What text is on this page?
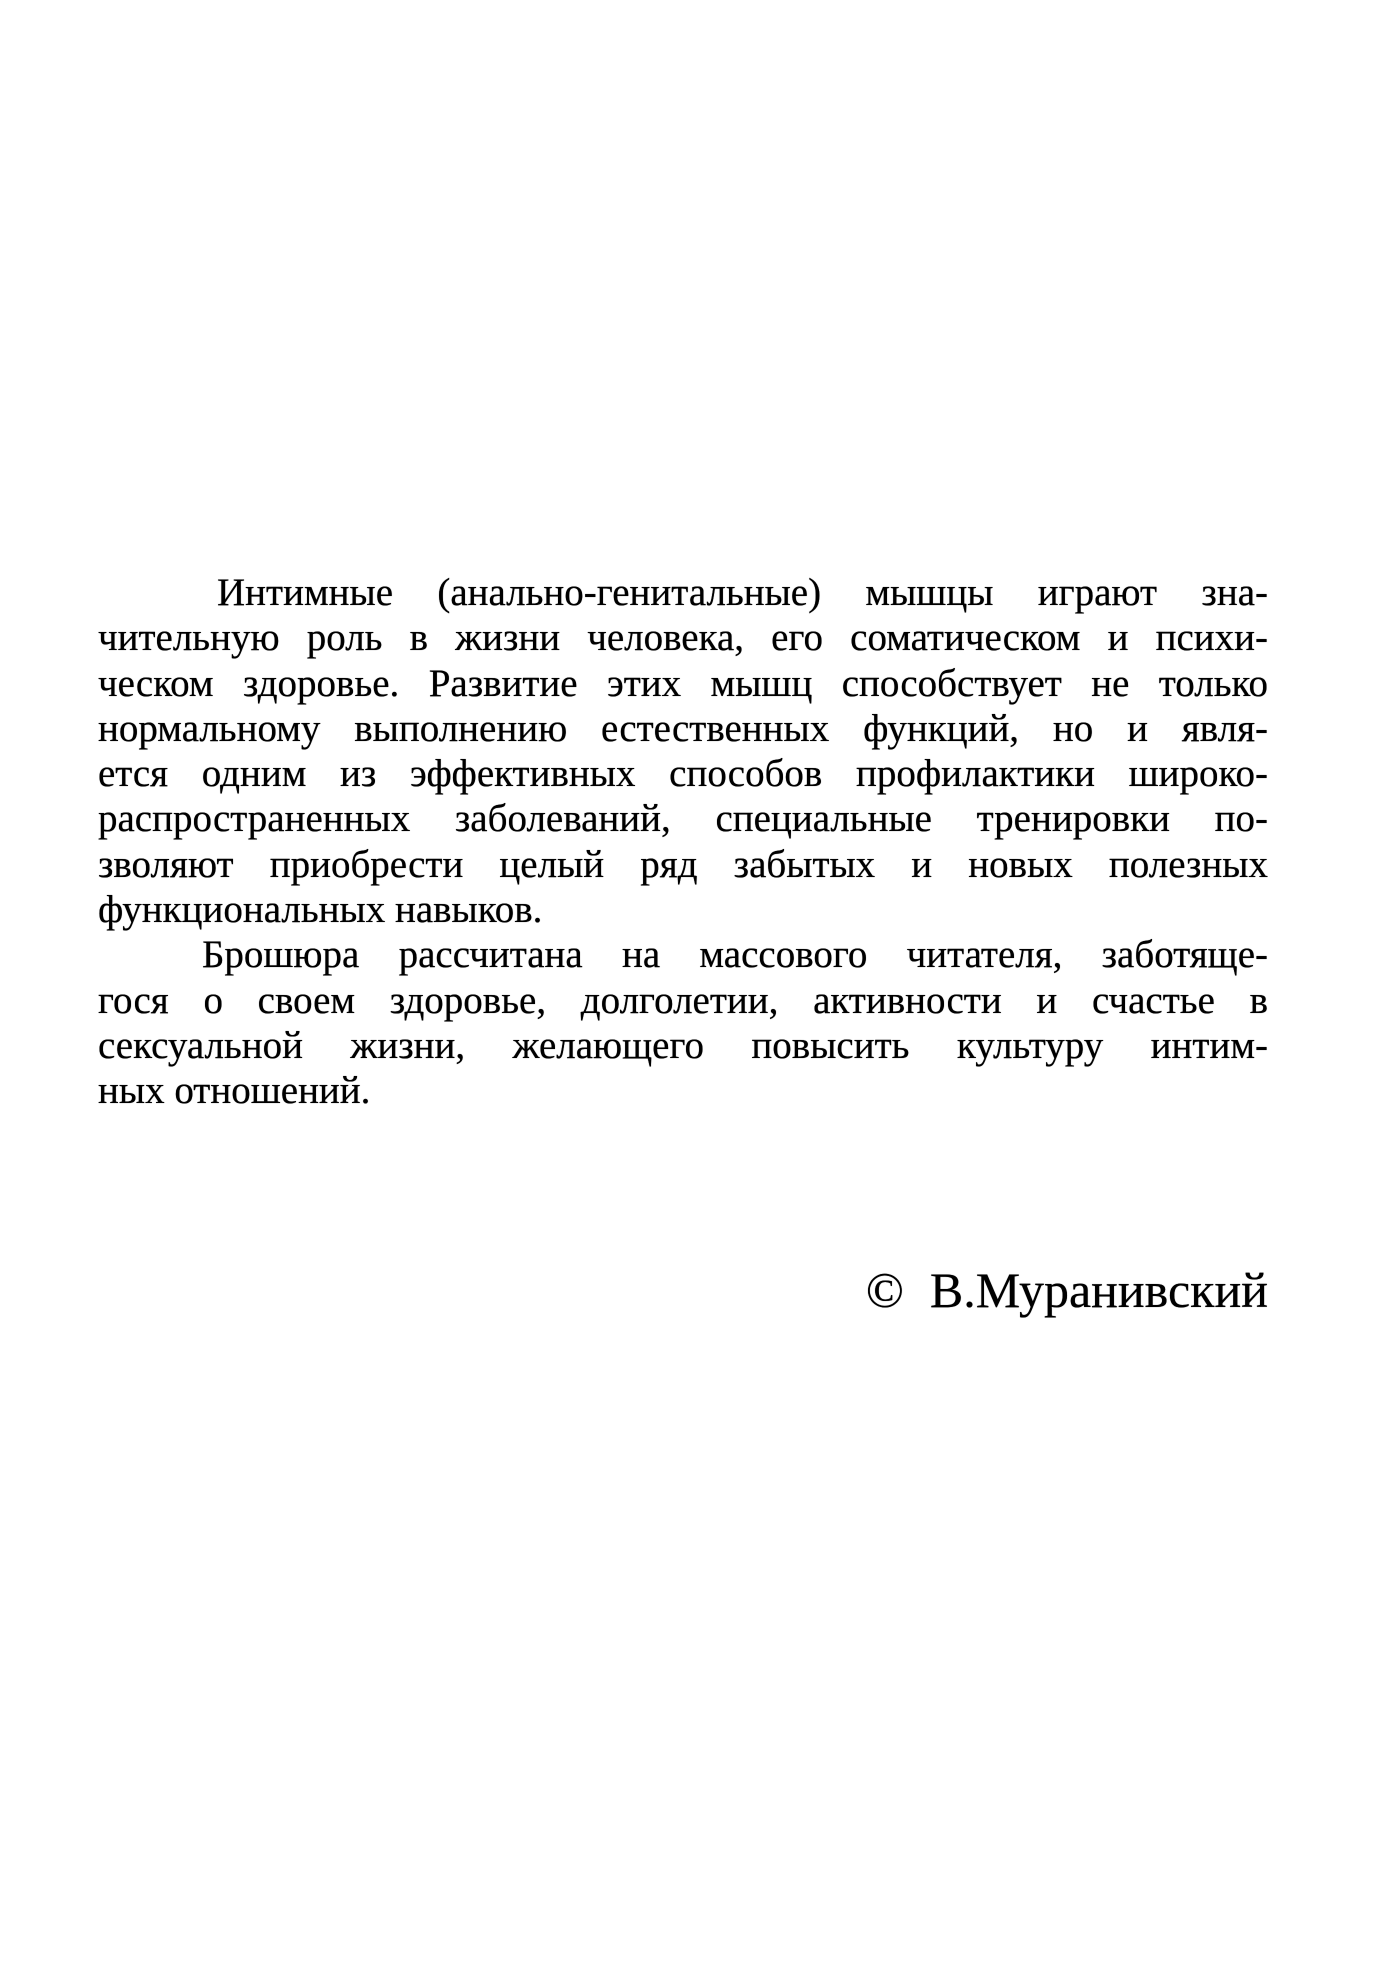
Интимные (анально-генитальные) мышцы играют зна-
чительную роль в жизни человека, его соматическом и психи-
ческом здоровье. Развитие этих мышц способствует не только
нормальному выполнению естественных функций, но и явля-
ется одним из эффективных способов профилактики широко-
распространенных заболеваний, специальные тренировки по-
зволяют приобрести целый ряд забытых и новых полезных
функциональных навыков.
Брошюра рассчитана на массового читателя, заботяще-
гося о своем здоровье, долголетии, активности и счастье в
сексуальной жизни, желающего повысить культуру интим-
ных отношений.
© В.Муранивский
